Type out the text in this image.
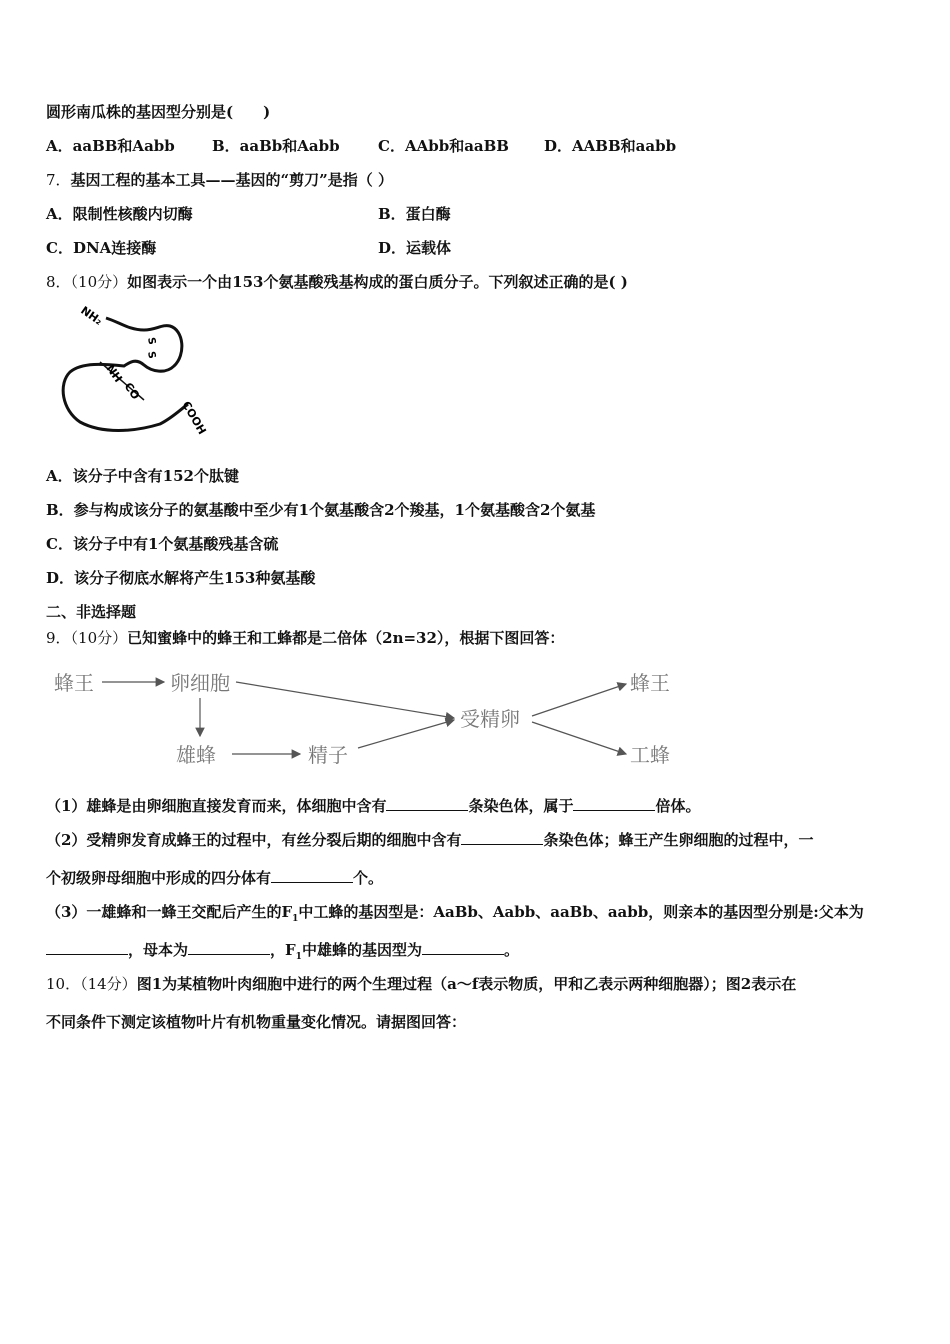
圆形南瓜株的基因型分别是(　　)
A．aaBB和Aabb B．aaBb和Aabb	C．AAbb和aaBB D．AABB和aabb
7．基因工程的基本工具——基因的“剪刀”是指（ ）
A．限制性核酸内切酶	B．蛋白酶
C．DNA连接酶	D．运载体
8．（10分）如图表示一个由153个氨基酸残基构成的蛋白质分子。下列叙述正确的是( )
NH₂
S
S
NH
CO
COOH
A．该分子中含有152个肽键
B．参与构成该分子的氨基酸中至少有1个氨基酸含2个羧基，1个氨基酸含2个氨基
C．该分子中有1个氨基酸残基含硫
D．该分子彻底水解将产生153种氨基酸
二、非选择题
9．（10分）已知蜜蜂中的蜂王和工蜂都是二倍体（2n=32），根据下图回答：
蜂王	卵细胞
雄蜂	精子
受精卵
蜂王
工蜂
（1）雄蜂是由卵细胞直接发育而来，体细胞中含有	条染色体，属于	倍体。
（2）受精卵发育成蜂王的过程中，有丝分裂后期的细胞中含有	条染色体；蜂王产生卵细胞的过程中，一
个初级卵母细胞中形成的四分体有	个。
（3）一雄蜂和一蜂王交配后产生的$F_1$中工蜂的基因型是：AaBb、Aabb、aaBb、aabb，则亲本的基因型分别是:父本为
，母本为	，$F_1$中雄蜂的基因型为	。
10．（14分）图1为某植物叶肉细胞中进行的两个生理过程（a～f表示物质，甲和乙表示两种细胞器）；图2表示在
不同条件下测定该植物叶片有机物重量变化情况。请据图回答：
